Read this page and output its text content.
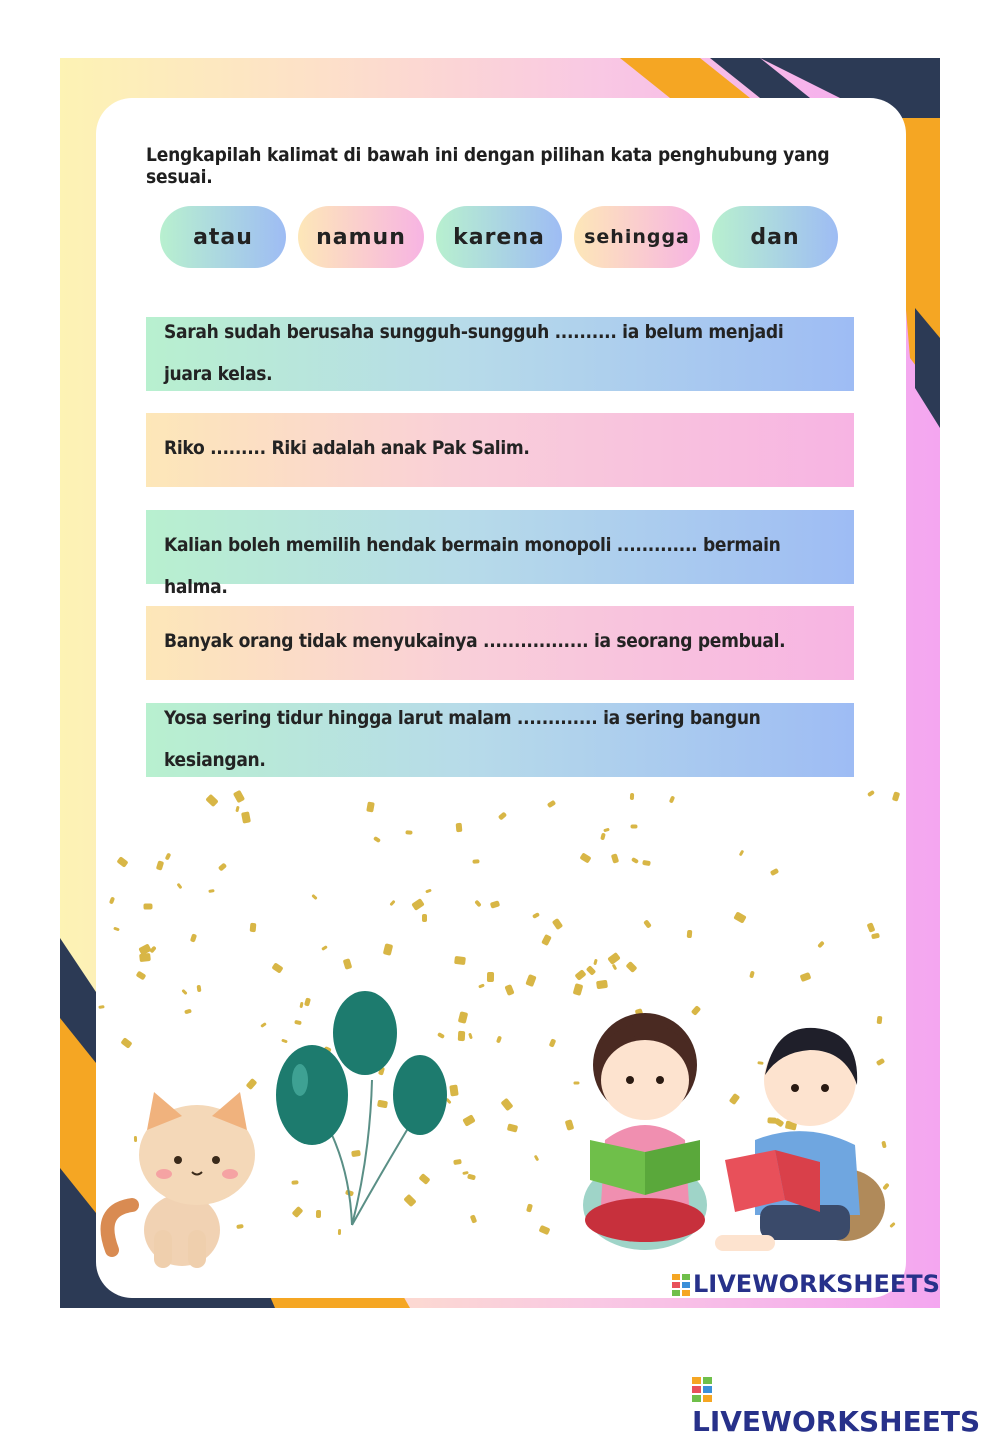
Lengkapilah kalimat di bawah ini dengan pilihan kata penghubung yang sesuai.
atau	namun	karena	sehingga	dan
Sarah sudah berusaha sungguh-sungguh .......... ia belum menjadi
juara kelas.
Riko ......... Riki adalah anak Pak Salim.
Kalian boleh memilih hendak bermain monopoli ............. bermain halma.
Banyak orang tidak menyukainya ................. ia seorang pembual.
Yosa sering tidur hingga larut malam ............. ia sering bangun
kesiangan.
LIVEWORKSHEETS
LIVEWORKSHEETS
